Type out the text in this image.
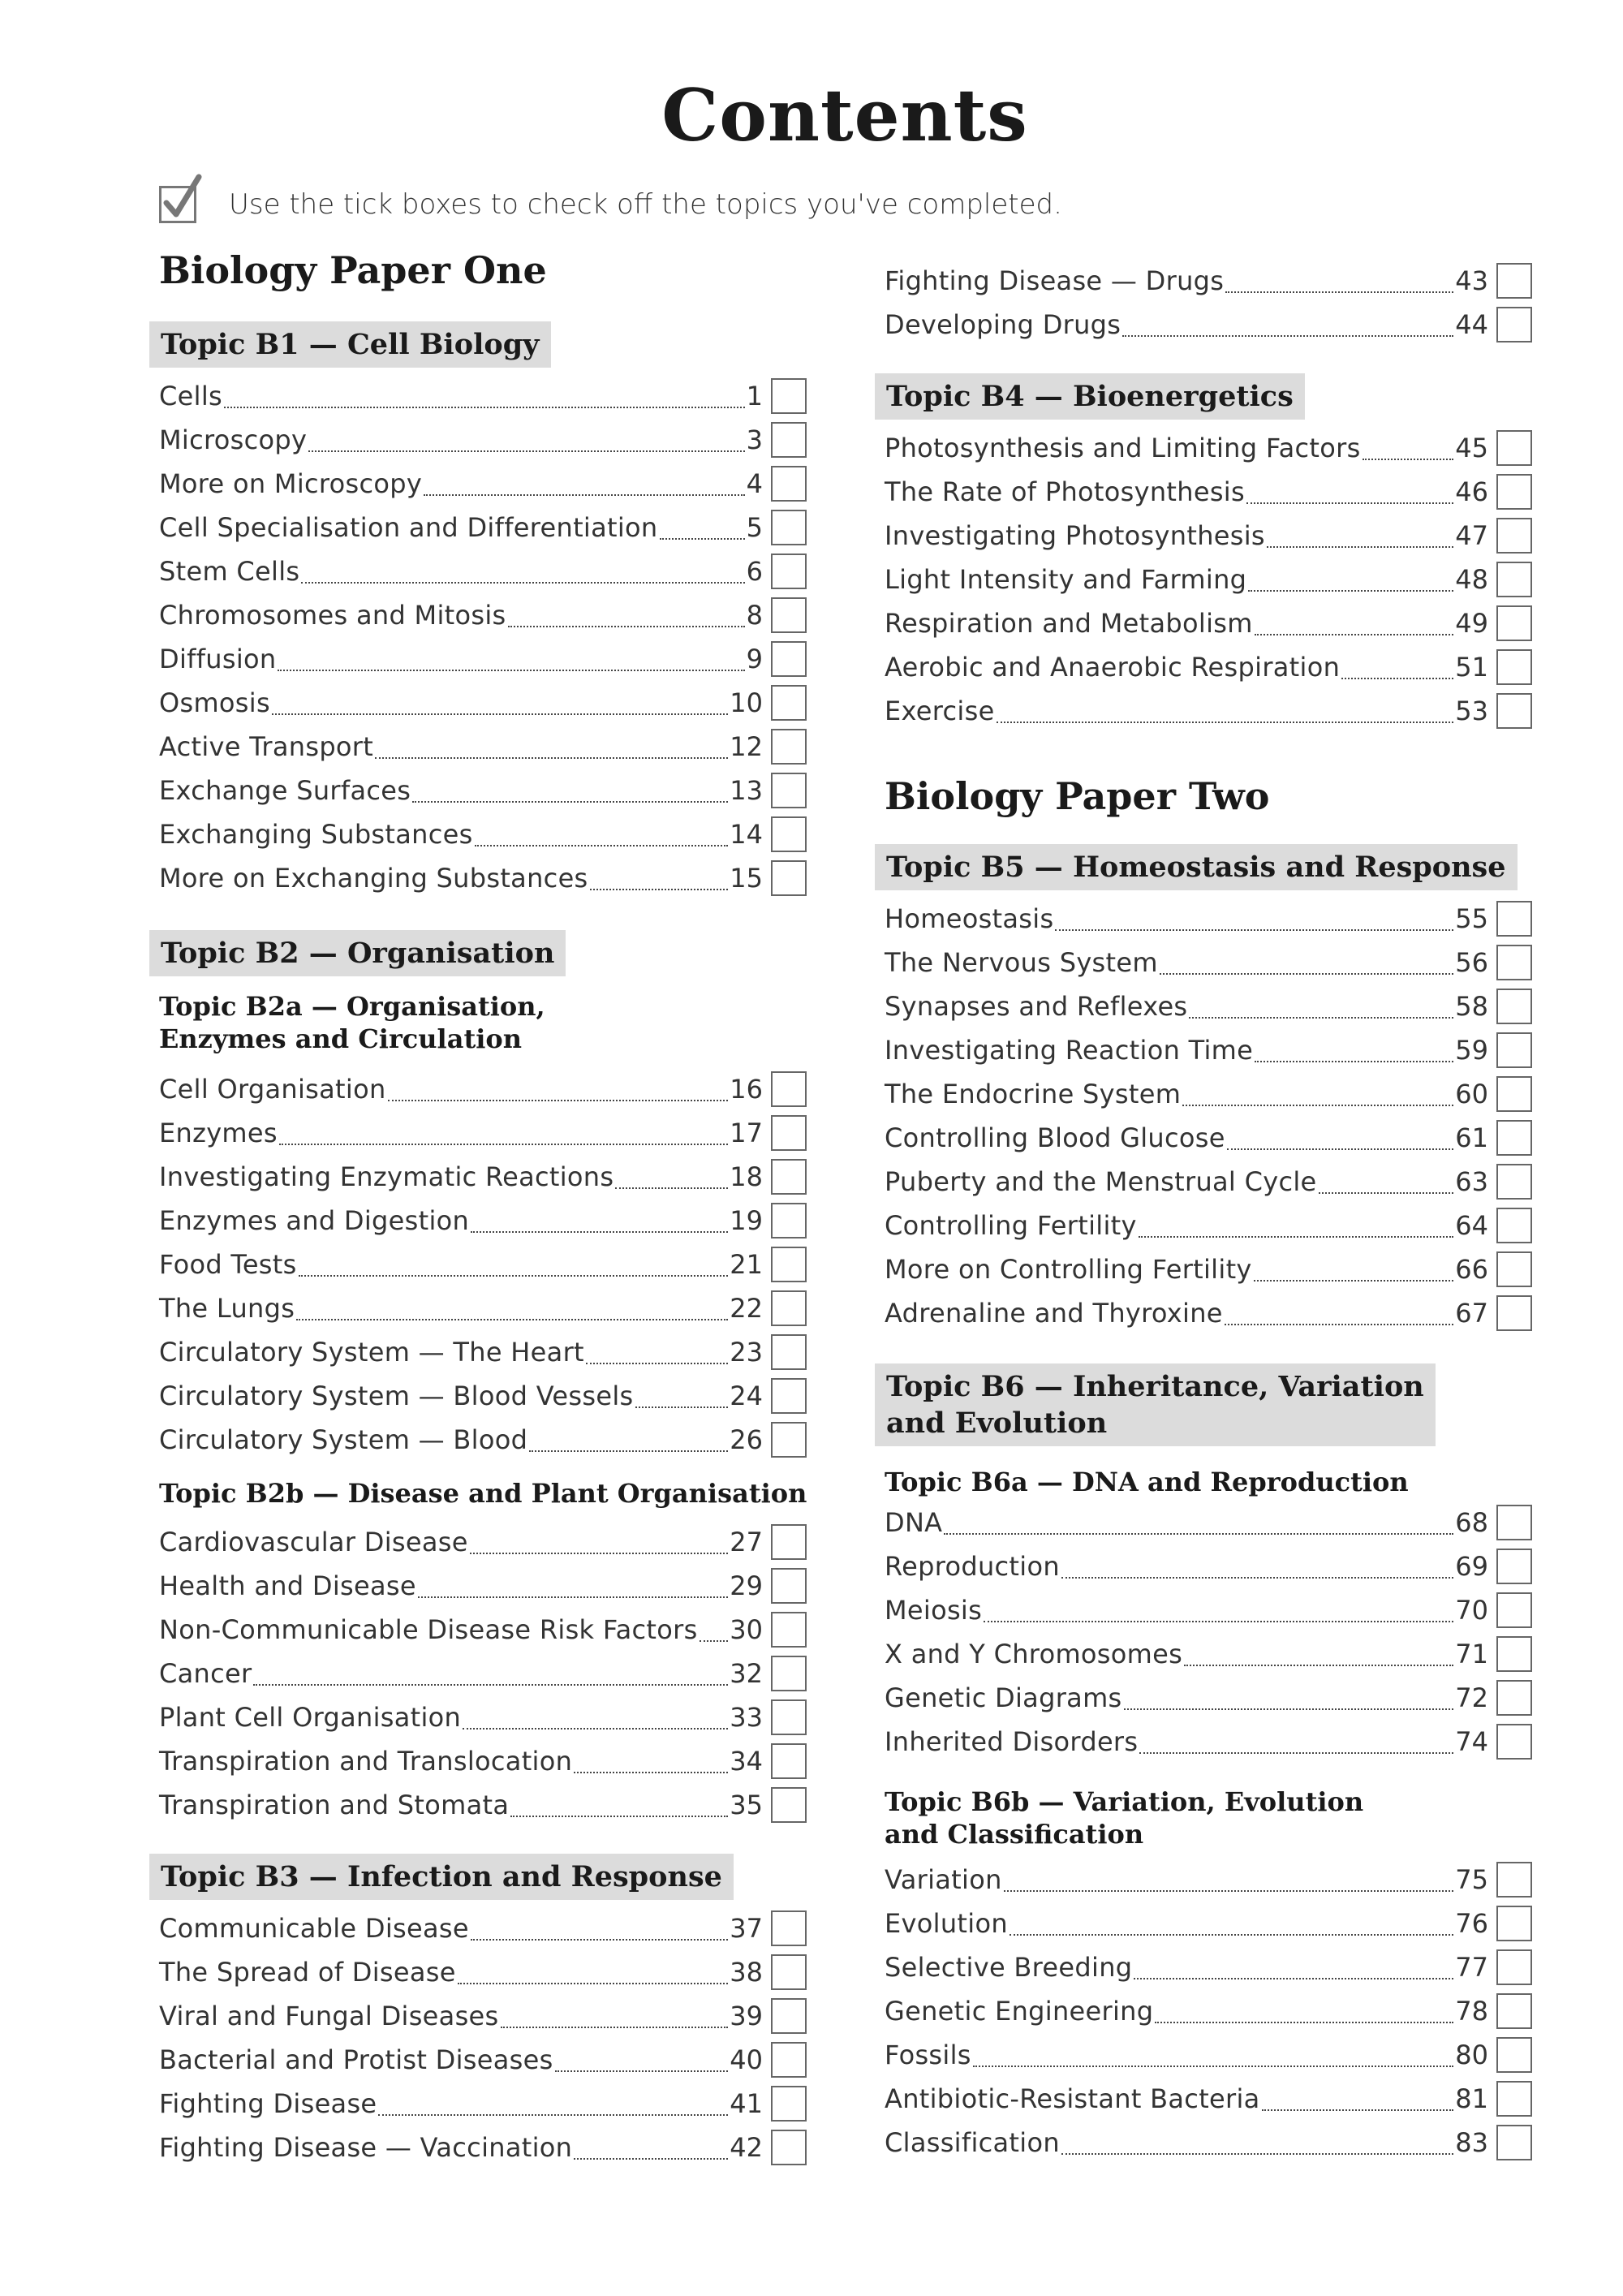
Contents
Use the tick boxes to check off the topics you've completed.
Biology Paper One
Topic B1 — Cell Biology
Cells	1
Microscopy	3
More on Microscopy	4
Cell Specialisation and Differentiation	5
Stem Cells	6
Chromosomes and Mitosis	8
Diffusion	9
Osmosis	10
Active Transport	12
Exchange Surfaces	13
Exchanging Substances	14
More on Exchanging Substances	15
Topic B2 — Organisation
Topic B2a — Organisation,
Enzymes and Circulation
Cell Organisation	16
Enzymes	17
Investigating Enzymatic Reactions	18
Enzymes and Digestion	19
Food Tests	21
The Lungs	22
Circulatory System — The Heart	23
Circulatory System — Blood Vessels	24
Circulatory System — Blood	26
Topic B2b — Disease and Plant Organisation
Cardiovascular Disease	27
Health and Disease	29
Non-Communicable Disease Risk Factors 30
Cancer	32
Plant Cell Organisation	33
Transpiration and Translocation	34
Transpiration and Stomata	35
Topic B3 — Infection and Response
Communicable Disease	37
The Spread of Disease	38
Viral and Fungal Diseases	39
Bacterial and Protist Diseases	40
Fighting Disease	41
Fighting Disease — Vaccination	42
Fighting Disease — Drugs	43
Developing Drugs	44
Topic B4 — Bioenergetics
Photosynthesis and Limiting Factors	45
The Rate of Photosynthesis	46
Investigating Photosynthesis	47
Light Intensity and Farming	48
Respiration and Metabolism	49
Aerobic and Anaerobic Respiration	51
Exercise	53
Biology Paper Two
Topic B5 — Homeostasis and Response
Homeostasis	55
The Nervous System	56
Synapses and Reflexes	58
Investigating Reaction Time	59
The Endocrine System	60
Controlling Blood Glucose	61
Puberty and the Menstrual Cycle	63
Controlling Fertility	64
More on Controlling Fertility	66
Adrenaline and Thyroxine	67
Topic B6 — Inheritance, Variation
and Evolution
Topic B6a — DNA and Reproduction
DNA	68
Reproduction	69
Meiosis	70
X and Y Chromosomes	71
Genetic Diagrams	72
Inherited Disorders	74
Topic B6b — Variation, Evolution
and Classification
Variation	75
Evolution	76
Selective Breeding	77
Genetic Engineering	78
Fossils	80
Antibiotic-Resistant Bacteria	81
Classification	83
